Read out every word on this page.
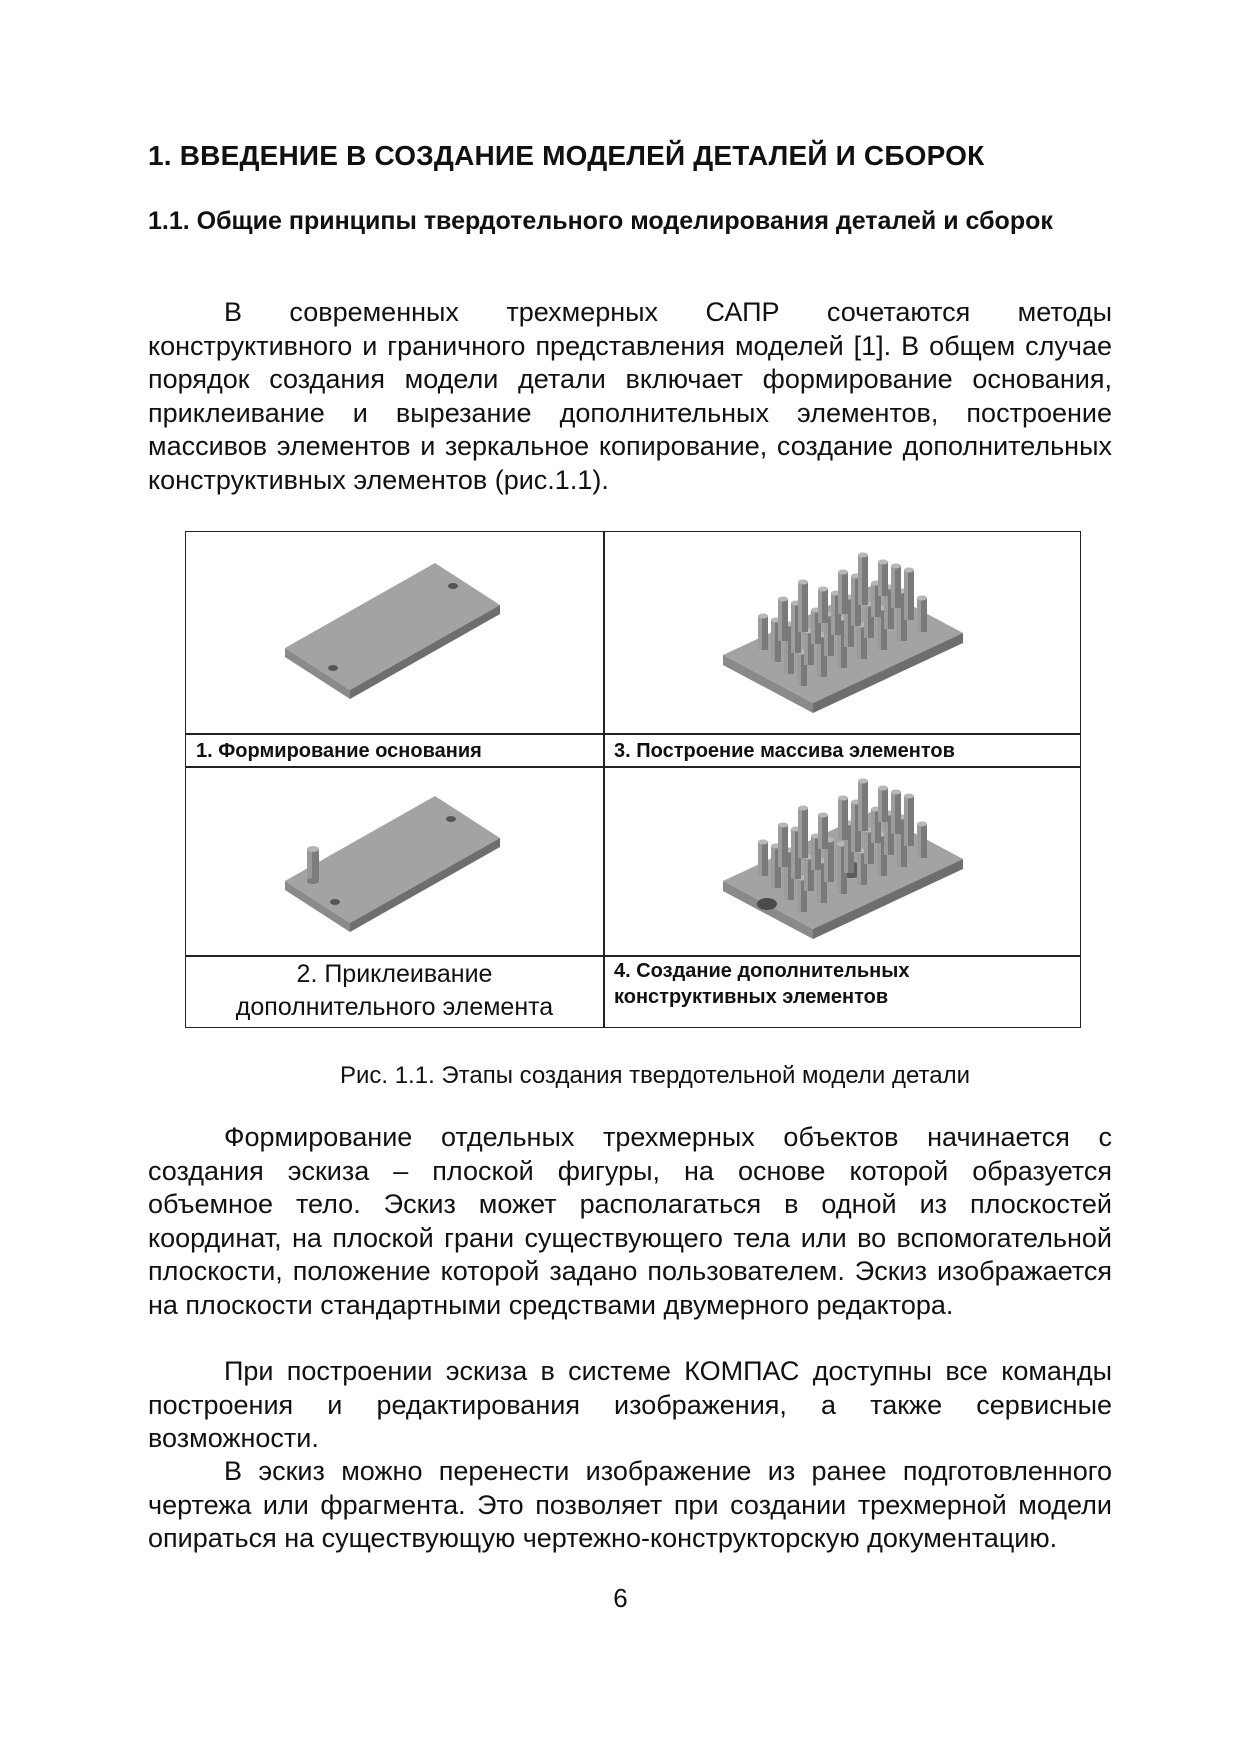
1. ВВЕДЕНИЕ В СОЗДАНИЕ МОДЕЛЕЙ ДЕТАЛЕЙ И СБОРОК
1.1. Общие принципы твердотельного моделирования деталей и сборок

В современных трехмерных САПР сочетаются методы конструктивного и граничного представления моделей [1]. В общем случае порядок создания модели детали включает формирование основания, приклеивание и вырезание дополнительных элементов, построение массивов элементов и зеркальное копирование, создание дополнительных конструктивных элементов (рис.1.1).

1. Формирование основания	3. Построение массива элементов
2. Приклеивание
дополнительного элемента
4. Создание дополнительных
конструктивных элементов

Рис. 1.1. Этапы создания твердотельной модели детали

Формирование отдельных трехмерных объектов начинается с создания эскиза – плоской фигуры, на основе которой образуется объемное тело. Эскиз может располагаться в одной из плоскостей координат, на плоской грани существующего тела или во вспомогательной плоскости, положение которой задано пользователем. Эскиз изображается на плоскости стандартными средствами двумерного редактора.

При построении эскиза в системе КОМПАС доступны все команды построения и редактирования изображения, а также сервисные возможности.

В эскиз можно перенести изображение из ранее подготовленного чертежа или фрагмента. Это позволяет при создании трехмерной модели опираться на существующую чертежно-конструкторскую документацию.

6
